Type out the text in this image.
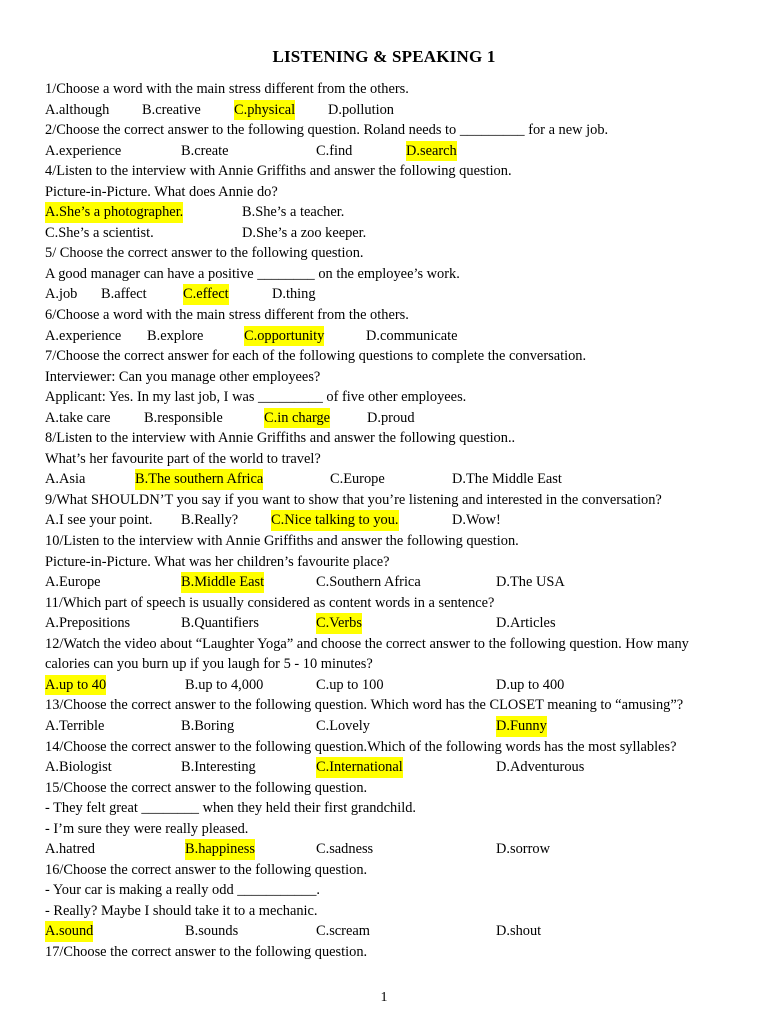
LISTENING & SPEAKING 1
1/Choose a word with the main stress different from the others.
A.although B.creative C.physical D.pollution
2/Choose the correct answer to the following question. Roland needs to _________ for a new job.
A.experience	B.create	C.find	D.search
4/Listen to the interview with Annie Griffiths and answer the following question.
Picture-in-Picture. What does Annie do?
A.She’s a photographer.	B.She’s a teacher.
C.She’s a scientist.	D.She’s a zoo keeper.
5/ Choose the correct answer to the following question.
A good manager can have a positive ________ on the employee’s work.
A.job B.affect	C.effect	D.thing
6/Choose a word with the main stress different from the others.
A.experience B.explore	C.opportunity	D.communicate
7/Choose the correct answer for each of the following questions to complete the conversation.
Interviewer: Can you manage other employees?
Applicant: Yes. In my last job, I was _________ of five other employees.
A.take care B.responsible	C.in charge	D.proud
8/Listen to the interview with Annie Griffiths and answer the following question..
What’s her favourite part of the world to travel?
A.Asia	B.The southern Africa	C.Europe	D.The Middle East
9/What SHOULDN’T you say if you want to show that you’re listening and interested in the conversation?
A.I see your point. B.Really? C.Nice talking to you.	D.Wow!
10/Listen to the interview with Annie Griffiths and answer the following question.
Picture-in-Picture. What was her children’s favourite place?
A.Europe	B.Middle East	C.Southern Africa	D.The USA
11/Which part of speech is usually considered as content words in a sentence?
A.Prepositions	B.Quantifiers	C.Verbs	D.Articles
12/Watch the video about “Laughter Yoga” and choose the correct answer to the following question. How many
calories can you burn up if you laugh for 5 - 10 minutes?
A.up to 40	B.up to 4,000	C.up to 100	D.up to 400
13/Choose the correct answer to the following question. Which word has the CLOSET meaning to “amusing”?
A.Terrible	B.Boring	C.Lovely	D.Funny
14/Choose the correct answer to the following question.Which of the following words has the most syllables?
A.Biologist	B.Interesting	C.International	D.Adventurous
15/Choose the correct answer to the following question.
- They felt great ________ when they held their first grandchild.
- I’m sure they were really pleased.
A.hatred	B.happiness	C.sadness	D.sorrow
16/Choose the correct answer to the following question.
- Your car is making a really odd ___________.
- Really? Maybe I should take it to a mechanic.
A.sound	B.sounds	C.scream	D.shout
17/Choose the correct answer to the following question.
1
